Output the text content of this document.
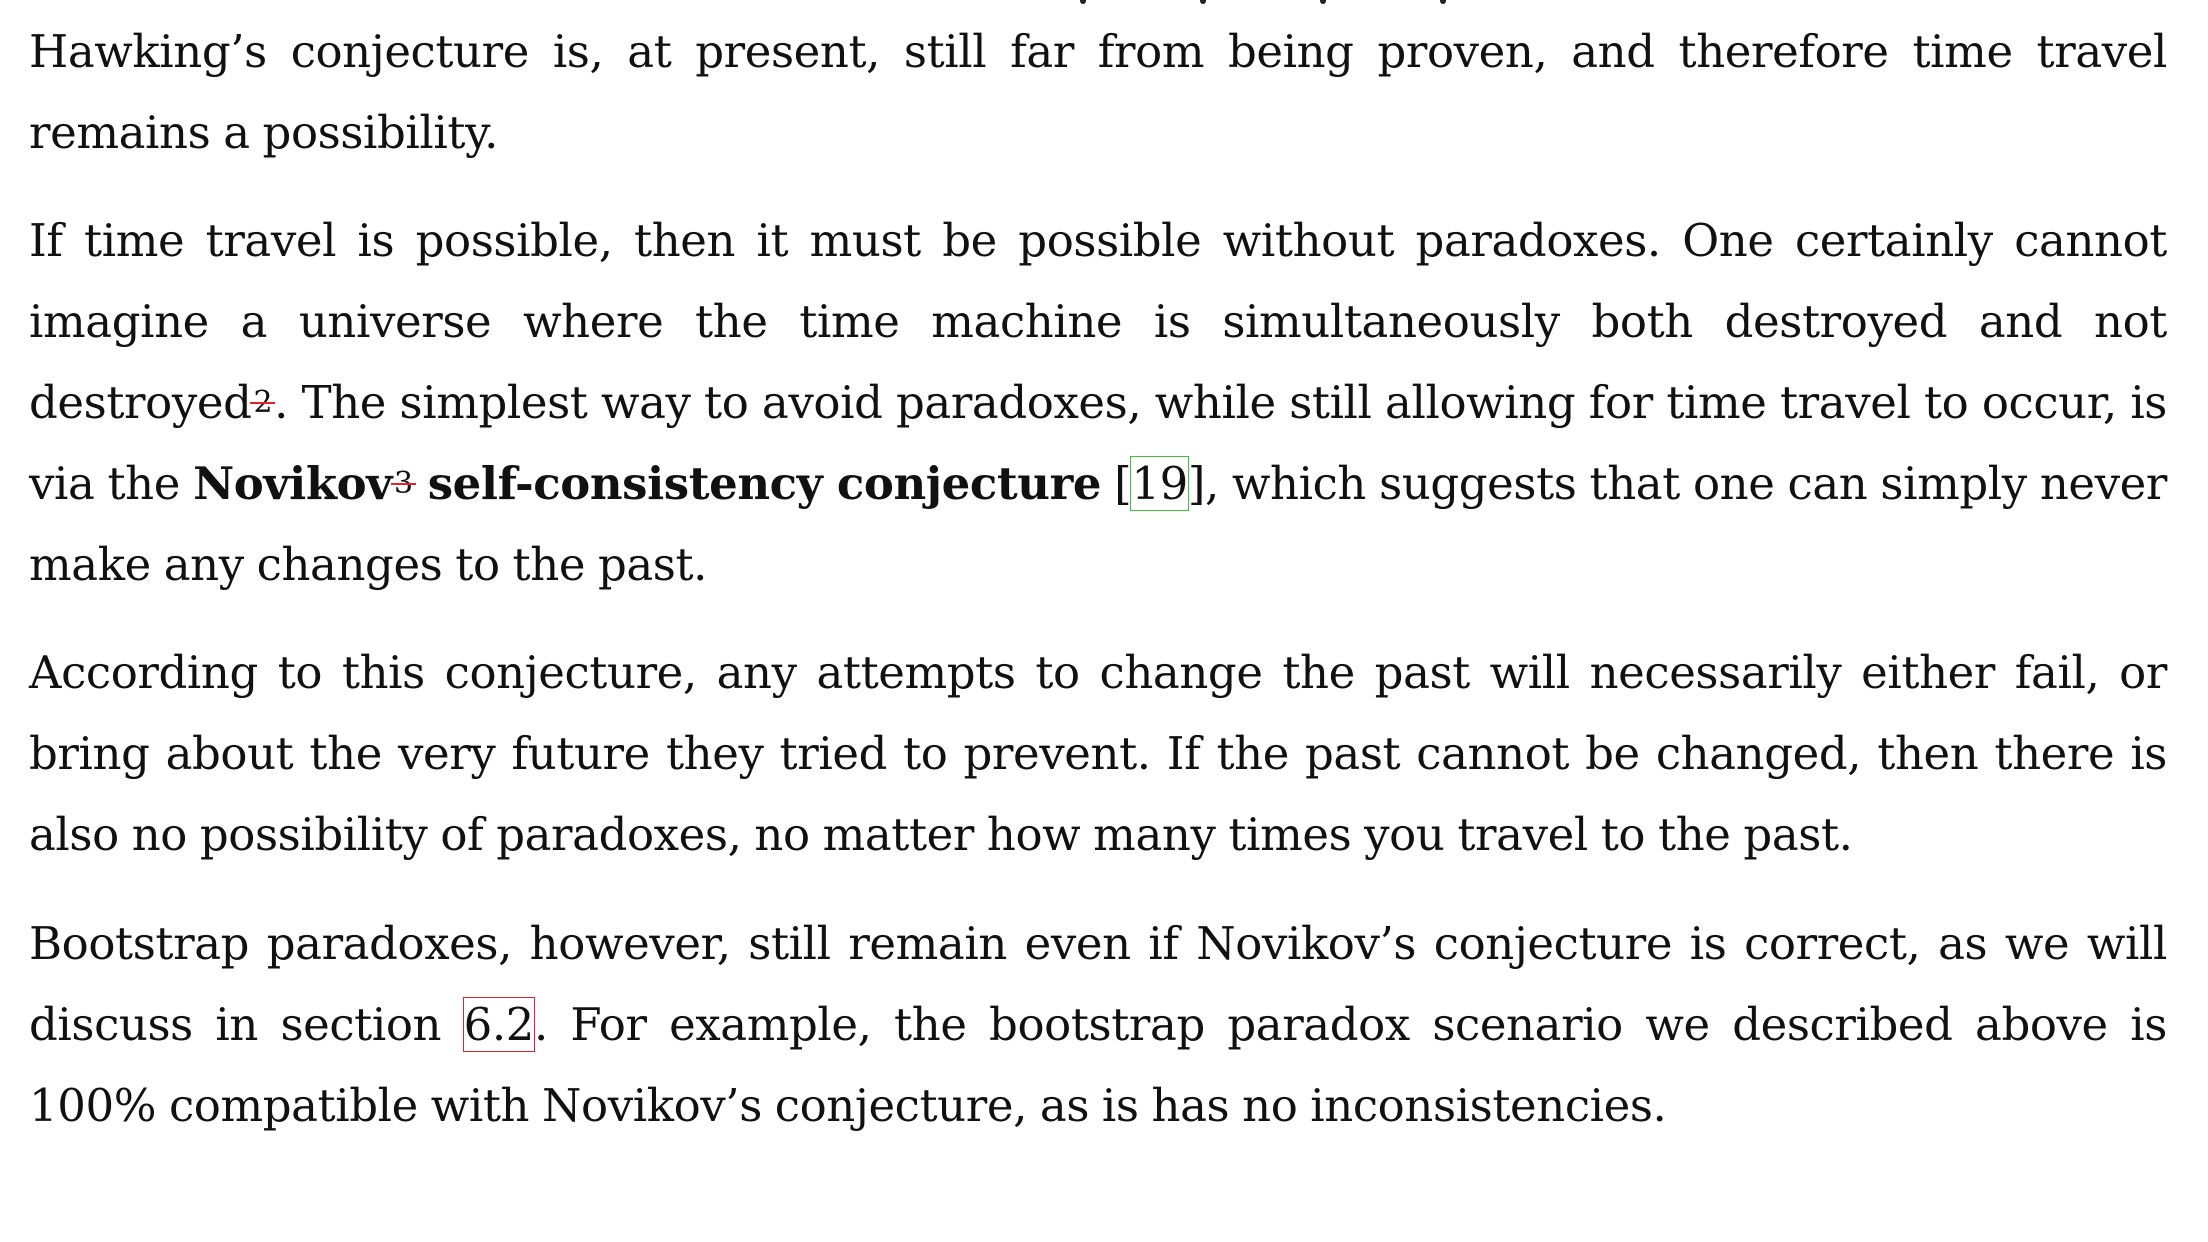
Hawking’s conjecture is, at present, still far from being proven, and therefore time travel remains a possibility.

If time travel is possible, then it must be possible without paradoxes. One certainly cannot imagine a universe where the time machine is simultaneously both destroyed and not destroyed$^2$. The simplest way to avoid paradoxes, while still allowing for time travel to occur, is via the Novikov$^3$ self-consistency conjecture [19], which suggests that one can simply never make any changes to the past.

According to this conjecture, any attempts to change the past will necessarily either fail, or bring about the very future they tried to prevent. If the past cannot be changed, then there is also no possibility of paradoxes, no matter how many times you travel to the past.

Bootstrap paradoxes, however, still remain even if Novikov’s conjecture is correct, as we will discuss in section 6.2. For example, the bootstrap paradox scenario we described above is 100% compatible with Novikov’s conjecture, as is has no inconsistencies.
